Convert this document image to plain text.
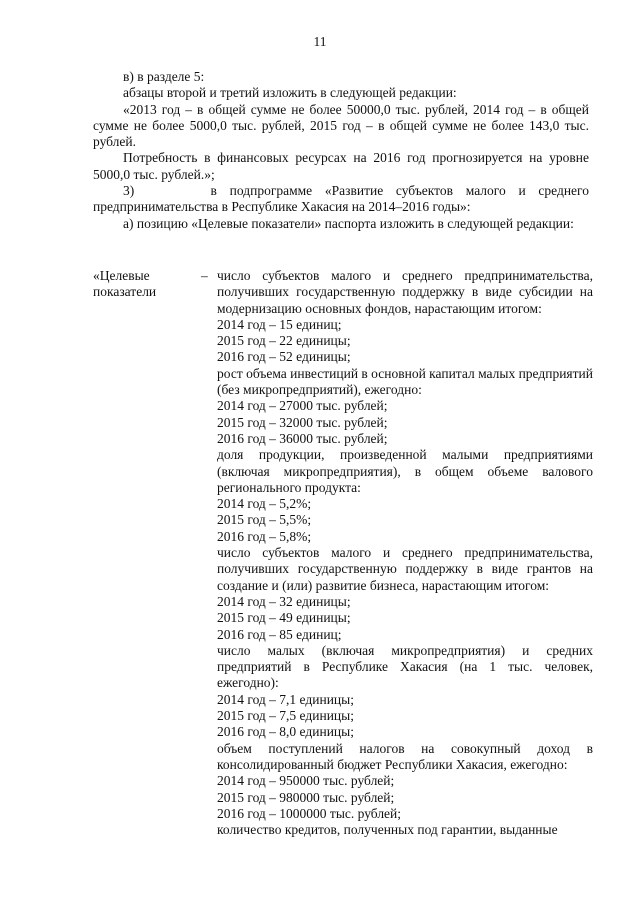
11

в) в разделе 5:

абзацы второй и третий изложить в следующей редакции:

«2013 год – в общей сумме не более 50000,0 тыс. рублей, 2014 год – в общей сумме не более 5000,0 тыс. рублей, 2015 год – в общей сумме не более 143,0 тыс. рублей.

Потребность в финансовых ресурсах на 2016 год прогнозируется на уровне 5000,0 тыс. рублей.»;

3)      в подпрограмме «Развитие субъектов малого и среднего предпринимательства в Республике Хакасия на 2014–2016 годы»:

а) позицию «Целевые показатели» паспорта изложить в следующей редакции:

«Целевые показатели
– число субъектов малого и среднего предпринимательства, получивших государственную поддержку в виде субсидии на модернизацию основных фондов, нарастающим итогом:

2014 год – 15 единиц;

2015 год – 22 единицы;

2016 год – 52 единицы;

рост объема инвестиций в основной капитал малых предприятий (без микропредприятий), ежегодно:

2014 год – 27000 тыс. рублей;

2015 год – 32000 тыс. рублей;

2016 год – 36000 тыс. рублей;

доля продукции, произведенной малыми предприятиями (включая микропредприятия), в общем объеме валового регионального продукта:

2014 год – 5,2%;

2015 год – 5,5%;

2016 год – 5,8%;

число субъектов малого и среднего предпринимательства, получивших государственную поддержку в виде грантов на создание и (или) развитие бизнеса, нарастающим итогом:

2014 год – 32 единицы;

2015 год – 49 единицы;

2016 год – 85 единиц;

число малых (включая микропредприятия) и средних предприятий в Республике Хакасия (на 1 тыс. человек, ежегодно):

2014 год – 7,1 единицы;

2015 год – 7,5 единицы;

2016 год – 8,0 единицы;

объем поступлений налогов на совокупный доход в консолидированный бюджет Республики Хакасия, ежегодно:

2014 год – 950000 тыс. рублей;

2015 год – 980000 тыс. рублей;

2016 год – 1000000 тыс. рублей;

количество кредитов, полученных под гарантии, выданные
